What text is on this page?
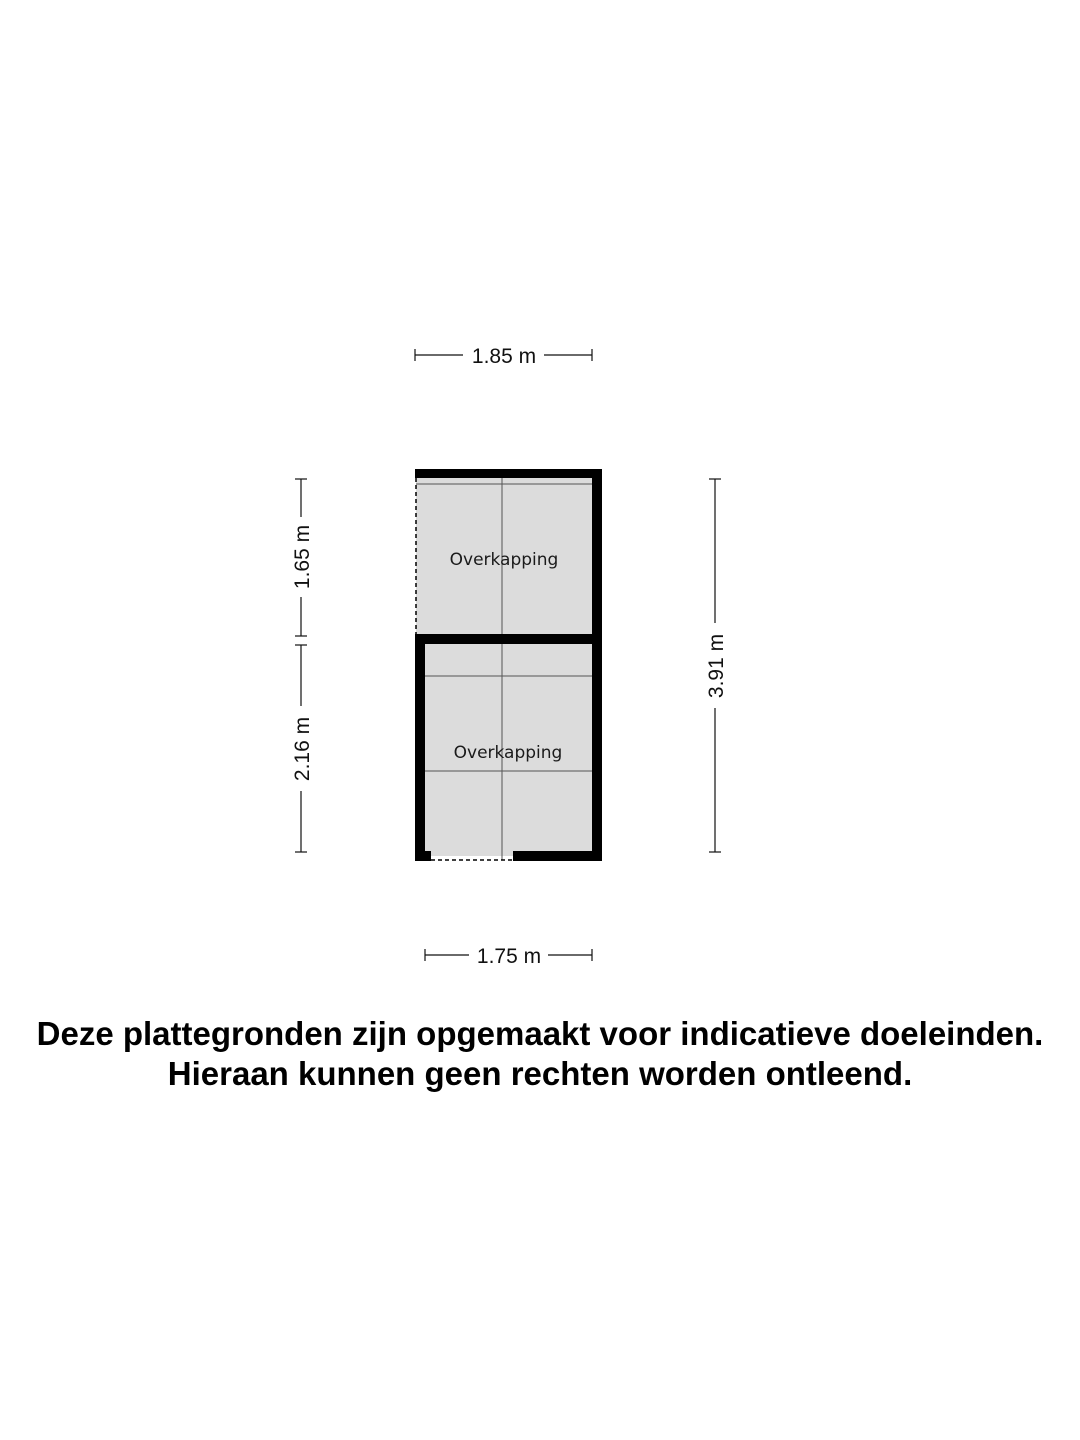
Overkapping
Overkapping
1.85 m
1.75 m
1.65 m
2.16 m
3.91 m
Deze plattegronden zijn opgemaakt voor indicatieve doeleinden.
Hieraan kunnen geen rechten worden ontleend.
